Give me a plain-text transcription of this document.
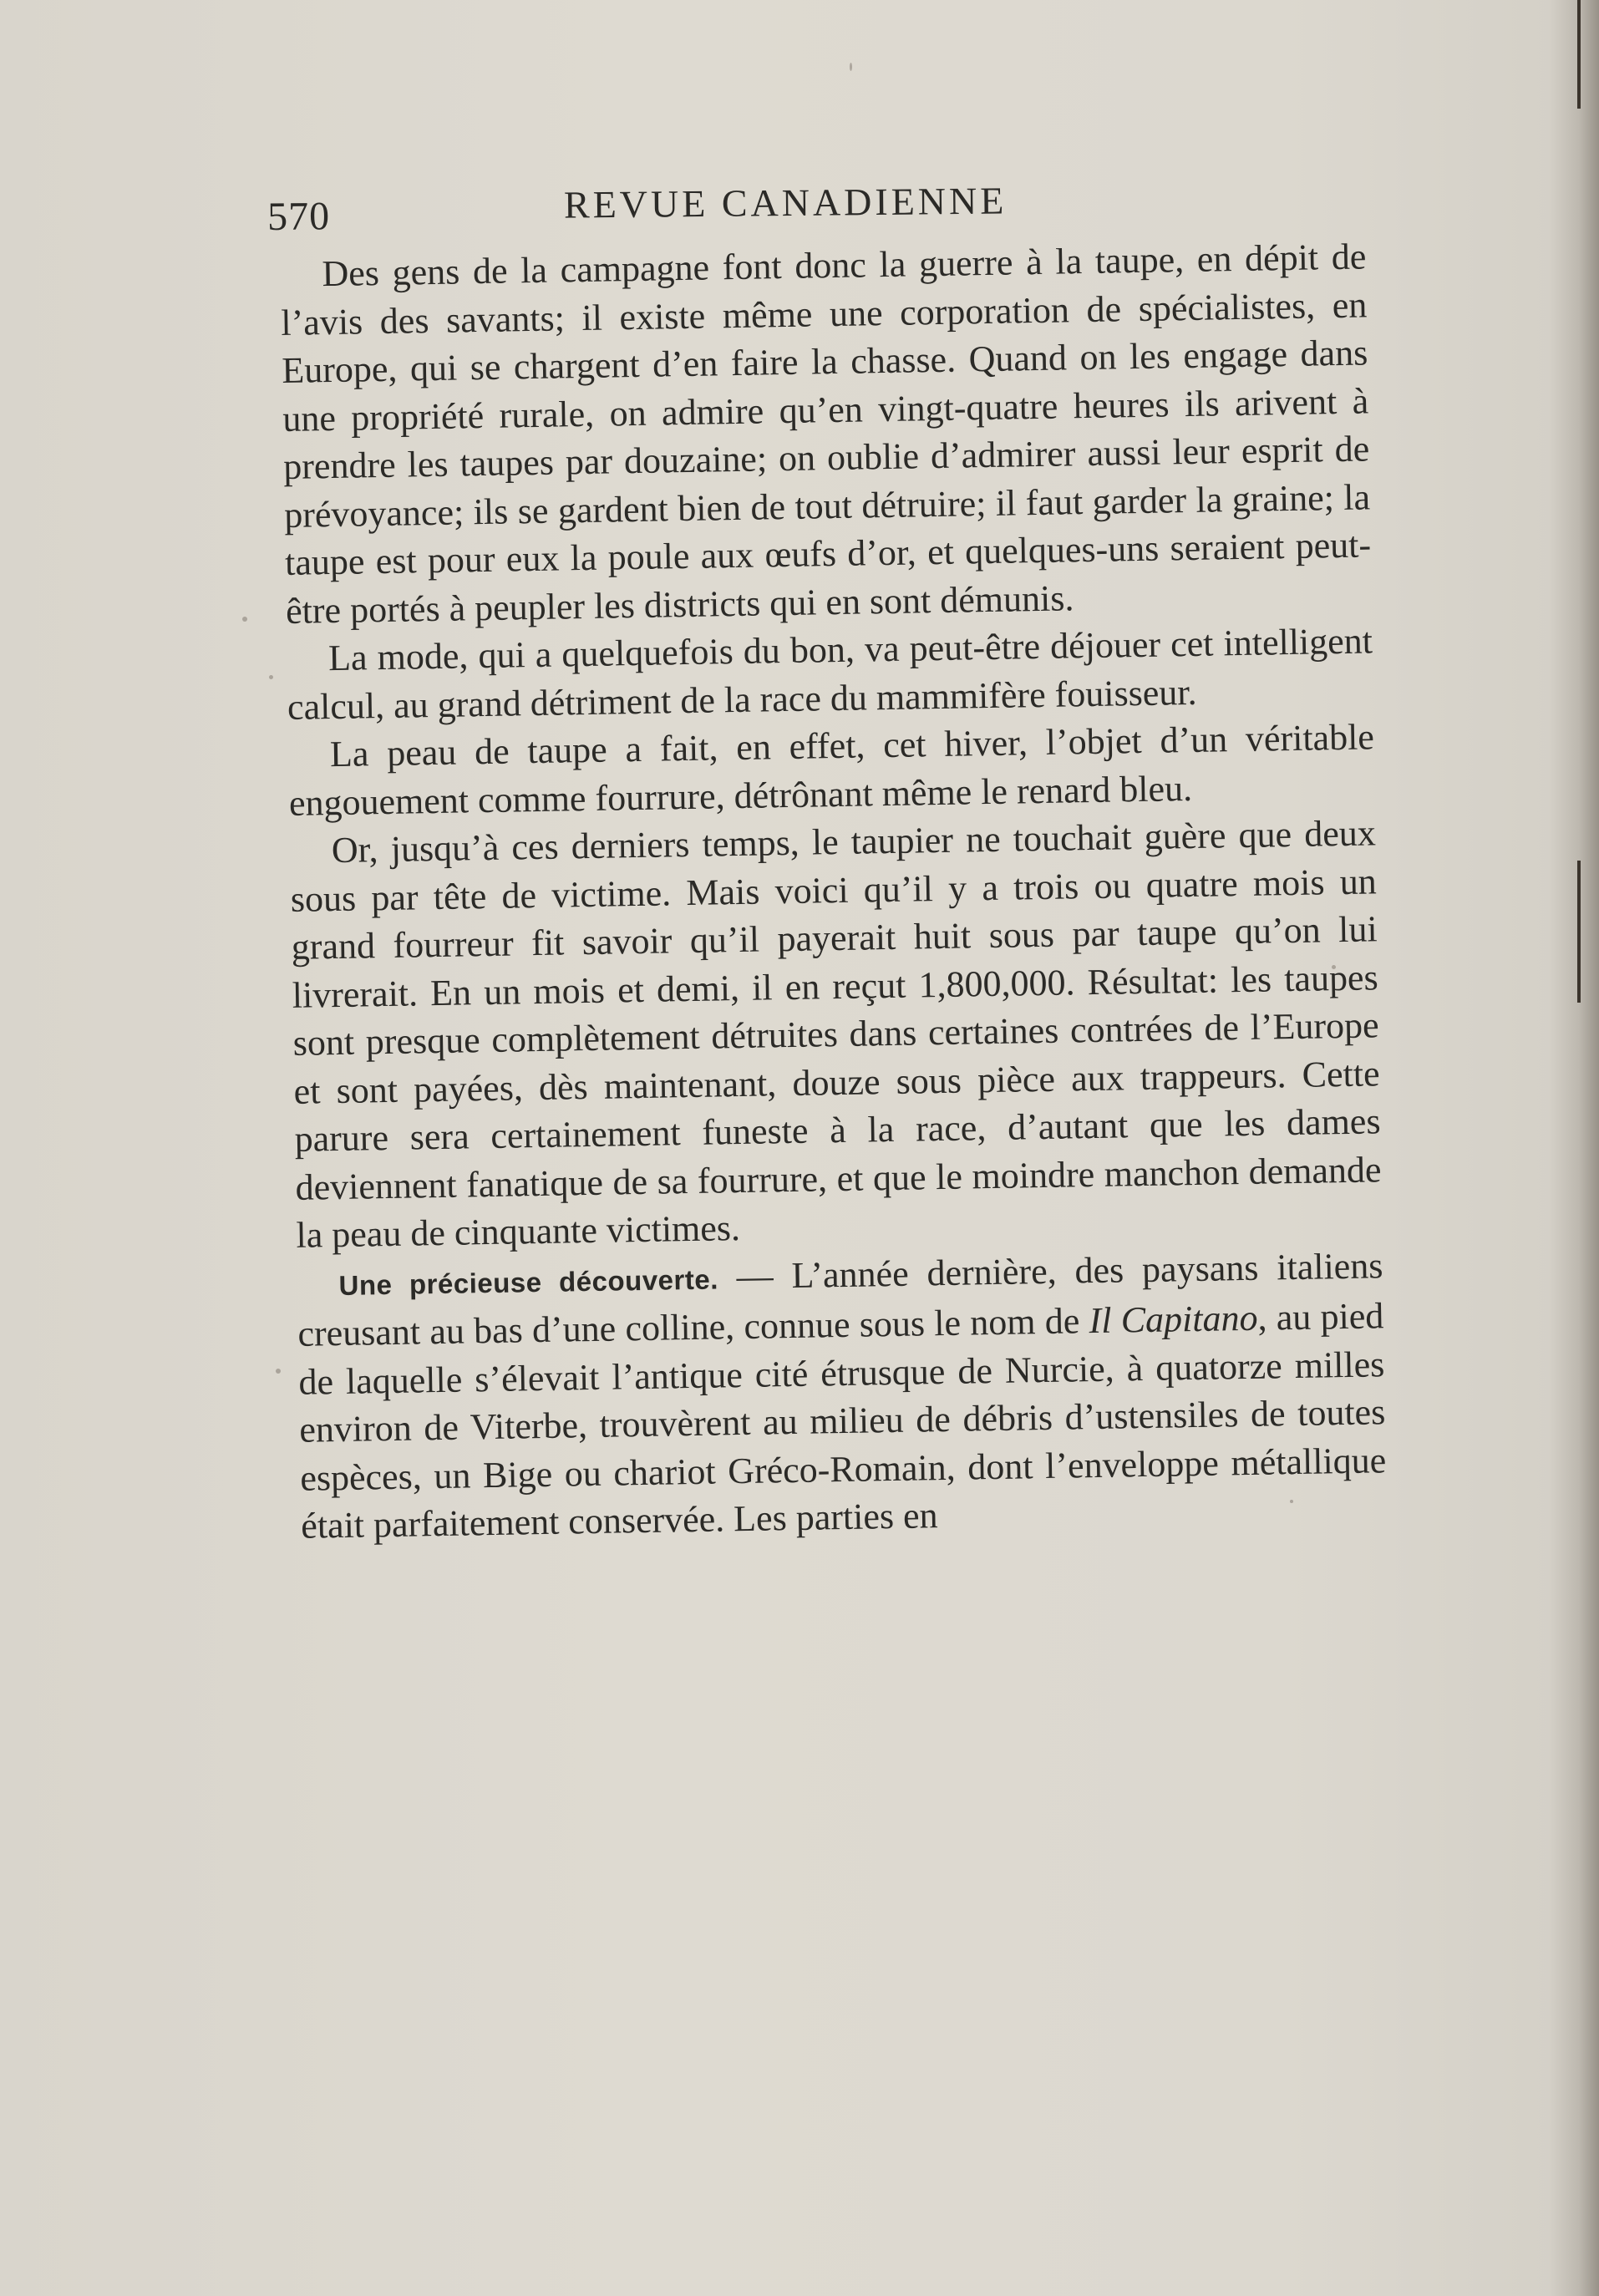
570	REVUE CANADIENNE

Des gens de la campagne font donc la guerre à la taupe, en dépit de l’avis des savants; il existe même une corporation de spécialistes, en Europe, qui se chargent d’en faire la chasse. Quand on les engage dans une propriété rurale, on admire qu’en vingt-quatre heures ils arivent à prendre les taupes par douzaine; on oublie d’admirer aussi leur esprit de prévoyance; ils se gardent bien de tout détruire; il faut garder la graine; la taupe est pour eux la poule aux œufs d’or, et quelques-uns seraient peut-être portés à peupler les districts qui en sont démunis.

La mode, qui a quelquefois du bon, va peut-être déjouer cet intelligent calcul, au grand détriment de la race du mammifère fouisseur.

La peau de taupe a fait, en effet, cet hiver, l’objet d’un véritable engouement comme fourrure, détrônant même le renard bleu.

Or, jusqu’à ces derniers temps, le taupier ne touchait guère que deux sous par tête de victime. Mais voici qu’il y a trois ou quatre mois un grand fourreur fit savoir qu’il payerait huit sous par taupe qu’on lui livrerait. En un mois et demi, il en reçut 1,800,000. Résultat: les taupes sont presque complètement détruites dans certaines contrées de l’Europe et sont payées, dès maintenant, douze sous pièce aux trappeurs. Cette parure sera certainement funeste à la race, d’autant que les dames deviennent fanatique de sa fourrure, et que le moindre manchon demande la peau de cinquante victimes.

Une précieuse découverte. — L’année dernière, des paysans italiens creusant au bas d’une colline, connue sous le nom de Il Capitano, au pied de laquelle s’élevait l’antique cité étrusque de Nurcie, à quatorze milles environ de Viterbe, trouvèrent au milieu de débris d’ustensiles de toutes espèces, un Bige ou chariot Gréco-Romain, dont l’enveloppe métallique était parfaitement conservée. Les parties en
